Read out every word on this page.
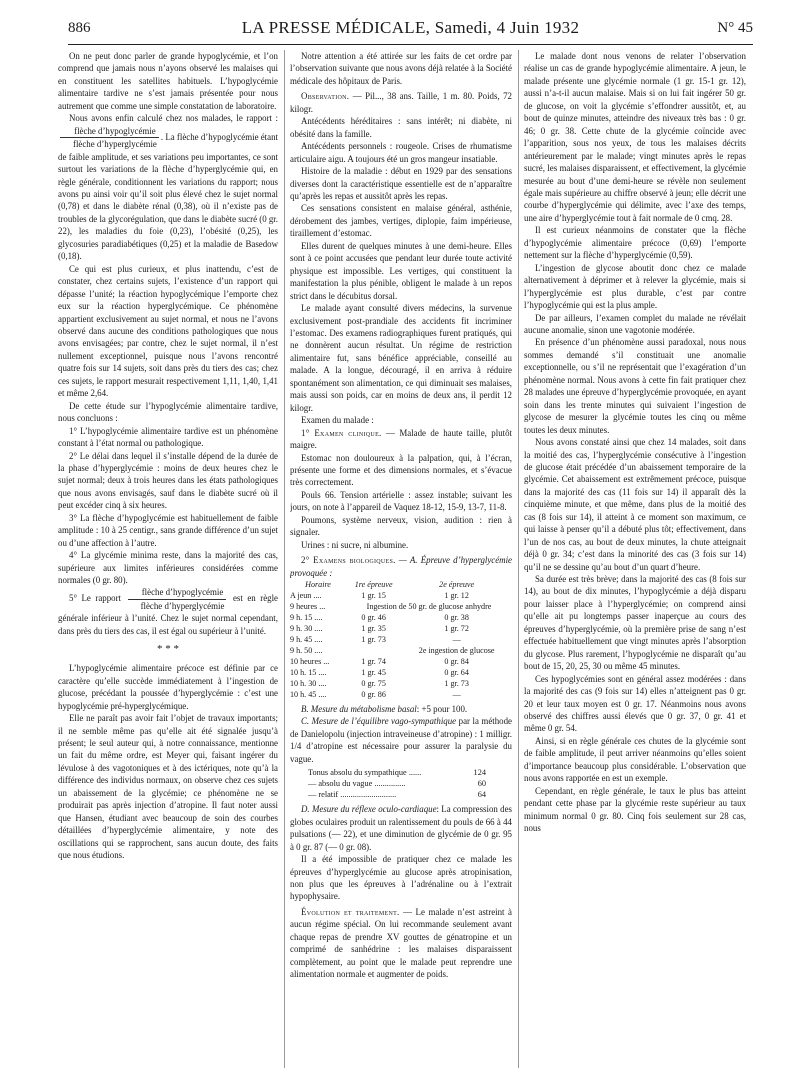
886	LA PRESSE MÉDICALE, Samedi, 4 Juin 1932	N° 45

On ne peut donc parler de grande hypoglycémie, et l’on comprend que jamais nous n’ayons observé les malaises qui en constituent les satellites habituels. L’hypoglycémie alimentaire tardive ne s’est jamais présentée pour nous autrement que comme une simple constatation de laboratoire.

Nous avons enfin calculé chez nos malades, le rapport :
$\frac{\text{flèche d’hypoglycémie}}{\text{flèche d’hyperglycémie}}$ . La flèche d’hypoglycémie étant de faible amplitude, et ses variations peu importantes, ce sont surtout les variations de la flèche d’hyperglycémie qui, en règle générale, conditionnent les variations du rapport; nous avons pu ainsi voir qu’il soit plus élevé chez le sujet normal (0,78) et dans le diabète rénal (0,38), où il n’existe pas de troubles de la glycorégulation, que dans le diabète sucré (0 gr. 22), les maladies du foie (0,23), l’obésité (0,25), les glycosuries paradiabétiques (0,25) et la maladie de Basedow (0,18).

Ce qui est plus curieux, et plus inattendu, c’est de constater, chez certains sujets, l’existence d’un rapport qui dépasse l’unité; la réaction hypoglycémique l’emporte chez eux sur la réaction hyperglycémique. Ce phénomène appartient exclusivement au sujet normal, et nous ne l’avons observé dans aucune des conditions pathologiques que nous avons envisagées; par contre, chez le sujet normal, il n’est nullement exceptionnel, puisque nous l’avons rencontré quatre fois sur 14 sujets, soit dans près du tiers des cas; chez ces sujets, le rapport mesurait respectivement 1,11, 1,40, 1,41 et même 2,64.

De cette étude sur l’hypoglycémie alimentaire tardive, nous concluons :

1° L’hypoglycémie alimentaire tardive est un phénomène constant à l’état normal ou pathologique.

2° Le délai dans lequel il s’installe dépend de la durée de la phase d’hyperglycémie : moins de deux heures chez le sujet normal; deux à trois heures dans les états pathologiques que nous avons envisagés, sauf dans le diabète sucré où il peut excéder cinq à six heures.

3° La flèche d’hypoglycémie est habituellement de faible amplitude : 10 à 25 centigr., sans grande différence d’un sujet ou d’une affection à l’autre.

4° La glycémie minima reste, dans la majorité des cas, supérieure aux limites inférieures considérées comme normales (0 gr. 80).

5° Le rapport $\frac{\text{flèche d’hypoglycémie}}{\text{flèche d’hyperglycémie}}$ est en règle générale inférieur à l’unité. Chez le sujet normal cependant, dans près du tiers des cas, il est égal ou supérieur à l’unité.

* * *

L’hypoglycémie alimentaire précoce est définie par ce caractère qu’elle succède immédiatement à l’ingestion de glucose, précédant la poussée d’hyperglycémie : c’est une hypoglycémie pré-hyperglycémique.

Elle ne paraît pas avoir fait l’objet de travaux importants; il ne semble même pas qu’elle ait été signalée jusqu’à présent; le seul auteur qui, à notre connaissance, mentionne un fait du même ordre, est Meyer qui, faisant ingérer du lévulose à des vagotoniques et à des ictériques, note qu’à la différence des individus normaux, on observe chez ces sujets un abaissement de la glycémie; ce phénomène ne se produirait pas après injection d’atropine. Il faut noter aussi que Hansen, étudiant avec beaucoup de soin des courbes détaillées d’hyperglycémie alimentaire, y note des oscillations qui se rapprochent, sans aucun doute, des faits que nous étudions.

Notre attention a été attirée sur les faits de cet ordre par l’observation suivante que nous avons déjà relatée à la Société médicale des hôpitaux de Paris.

Observation. — Pil..., 38 ans. Taille, 1 m. 80. Poids, 72 kilogr.

Antécédents héréditaires : sans intérêt; ni diabète, ni obésité dans la famille.

Antécédents personnels : rougeole. Crises de rhumatisme articulaire aigu. A toujours été un gros mangeur insatiable.

Histoire de la maladie : début en 1929 par des sensations diverses dont la caractéristique essentielle est de n’apparaître qu’après les repas et aussitôt après les repas.

Ces sensations consistent en malaise général, asthénie, dérobement des jambes, vertiges, diplopie, faim impérieuse, tiraillement d’estomac.

Elles durent de quelques minutes à une demi-heure. Elles sont à ce point accusées que pendant leur durée toute activité physique est impossible. Les vertiges, qui constituent la manifestation la plus pénible, obligent le malade à un repos strict dans le décubitus dorsal.

Le malade ayant consulté divers médecins, la survenue exclusivement post-prandiale des accidents fit incriminer l’estomac. Des examens radiographiques furent pratiqués, qui ne donnèrent aucun résultat. Un régime de restriction alimentaire fut, sans bénéfice appréciable, conseillé au malade. A la longue, découragé, il en arriva à réduire spontanément son alimentation, ce qui diminuait ses malaises, mais aussi son poids, car en moins de deux ans, il perdit 12 kilogr.

Examen du malade :

1° Examen clinique. — Malade de haute taille, plutôt maigre.

Estomac non douloureux à la palpation, qui, à l’écran, présente une forme et des dimensions normales, et s’évacue très correctement.

Pouls 66. Tension artérielle : assez instable; suivant les jours, on note à l’appareil de Vaquez 18-12, 15-9, 13-7, 11-8.

Poumons, système nerveux, vision, audition : rien à signaler.

Urines : ni sucre, ni albumine.

2° Examens biologiques. — A. Épreuve d’hyperglycémie provoquée :

Horaire	1re épreuve	2e épreuve
A jeun ....	1 gr. 15	1 gr. 12
9 heures ...	Ingestion de 50 gr. de glucose anhydre	
9 h. 15 ....	0 gr. 46	0 gr. 38
9 h. 30 ....	1 gr. 35	1 gr. 72
9 h. 45 ....	1 gr. 73	—
9 h. 50 ....		2e ingestion de glucose
10 heures ...	1 gr. 74	0 gr. 84
10 h. 15 ....	1 gr. 45	0 gr. 64
10 h. 30 ....	0 gr. 75	1 gr. 73
10 h. 45 ....	0 gr. 86	—

B. Mesure du métabolisme basal: +5 pour 100.

C. Mesure de l’équilibre vago-sympathique par la méthode de Danielopolu (injection intraveineuse d’atropine) : 1 milligr. 1/4 d’atropine est nécessaire pour assurer la paralysie du vague.

Tonus absolu du sympathique ......	124
— absolu du vague ...............	60
— relatif ...........................	64

D. Mesure du réflexe oculo-cardiaque: La compression des globes oculaires produit un ralentissement du pouls de 66 à 44 pulsations (— 22), et une diminution de glycémie de 0 gr. 95 à 0 gr. 87 (— 0 gr. 08).

Il a été impossible de pratiquer chez ce malade les épreuves d’hyperglycémie au glucose après atropinisation, non plus que les épreuves à l’adrénaline ou à l’extrait hypophysaire.

Évolution et traitement. — Le malade n’est astreint à aucun régime spécial. On lui recommande seulement avant chaque repas de prendre XV gouttes de génatropine et un comprimé de sanhédrine : les malaises disparaissent complètement, au point que le malade peut reprendre une alimentation normale et augmenter de poids.

Le malade dont nous venons de relater l’observation réalise un cas de grande hypoglycémie alimentaire. A jeun, le malade présente une glycémie normale (1 gr. 15-1 gr. 12), aussi n’a-t-il aucun malaise. Mais si on lui fait ingérer 50 gr. de glucose, on voit la glycémie s’effondrer aussitôt, et, au bout de quinze minutes, atteindre des niveaux très bas : 0 gr. 46; 0 gr. 38. Cette chute de la glycémie coïncide avec l’apparition, sous nos yeux, de tous les malaises décrits antérieurement par le malade; vingt minutes après le repas sucré, les malaises disparaissent, et effectivement, la glycémie mesurée au bout d’une demi-heure se révèle non seulement égale mais supérieure au chiffre observé à jeun; elle décrit une courbe d’hyperglycémie qui délimite, avec l’axe des temps, une aire d’hyperglycémie tout à fait normale de 0 cmq. 28.

Il est curieux néanmoins de constater que la flèche d’hypoglycémie alimentaire précoce (0,69) l’emporte nettement sur la flèche d’hyperglycémie (0,59).

L’ingestion de glycose aboutit donc chez ce malade alternativement à déprimer et à relever la glycémie, mais si l’hyperglycémie est plus durable, c’est par contre l’hypoglycémie qui est la plus ample.

De par ailleurs, l’examen complet du malade ne révélait aucune anomalie, sinon une vagotonie modérée.

En présence d’un phénomène aussi paradoxal, nous nous sommes demandé s’il constituait une anomalie exceptionnelle, ou s’il ne représentait que l’exagération d’un phénomène normal. Nous avons à cette fin fait pratiquer chez 28 malades une épreuve d’hyperglycémie provoquée, en ayant soin dans les trente minutes qui suivaient l’ingestion de glycose de mesurer la glycémie toutes les cinq ou même toutes les deux minutes.

Nous avons constaté ainsi que chez 14 malades, soit dans la moitié des cas, l’hyperglycémie consécutive à l’ingestion de glucose était précédée d’un abaissement temporaire de la glycémie. Cet abaissement est extrêmement précoce, puisque dans la majorité des cas (11 fois sur 14) il apparaît dès la cinquième minute, et que même, dans plus de la moitié des cas (8 fois sur 14), il atteint à ce moment son maximum, ce qui laisse à penser qu’il a débuté plus tôt; effectivement, dans l’un de nos cas, au bout de deux minutes, la chute atteignait déjà 0 gr. 34; c’est dans la minorité des cas (3 fois sur 14) qu’il ne se dessine qu’au bout d’un quart d’heure.

Sa durée est très brève; dans la majorité des cas (8 fois sur 14), au bout de dix minutes, l’hypoglycémie a déjà disparu pour laisser place à l’hyperglycémie; on comprend ainsi qu’elle ait pu longtemps passer inaperçue au cours des épreuves d’hyperglycémie, où la première prise de sang n’est effectuée habituellement que vingt minutes après l’absorption du glycose. Plus rarement, l’hypoglycémie ne disparaît qu’au bout de 15, 20, 25, 30 ou même 45 minutes.

Ces hypoglycémies sont en général assez modérées : dans la majorité des cas (9 fois sur 14) elles n’atteignent pas 0 gr. 20 et leur taux moyen est 0 gr. 17. Néanmoins nous avons observé des chiffres aussi élevés que 0 gr. 37, 0 gr. 41 et même 0 gr. 54.

Ainsi, si en règle générale ces chutes de la glycémie sont de faible amplitude, il peut arriver néanmoins qu’elles soient d’importance beaucoup plus considérable. L’observation que nous avons rapportée en est un exemple.

Cependant, en règle générale, le taux le plus bas atteint pendant cette phase par la glycémie reste supérieur au taux minimum normal 0 gr. 80. Cinq fois seulement sur 28 cas, nous
